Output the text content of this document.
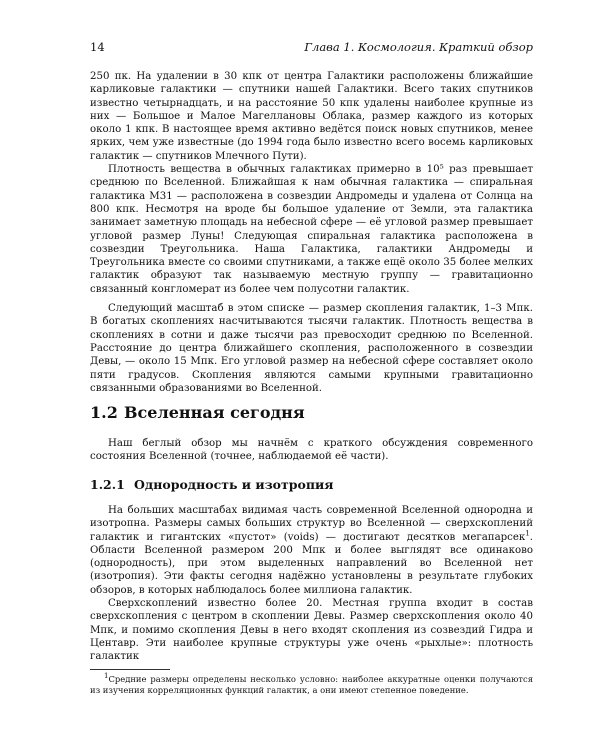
14	Глава 1. Космология. Краткий обзор

250 пк. На удалении в 30 кпк от центра Галактики расположены ближайшие карликовые галактики — спутники нашей Галактики. Всего таких спутников известно четырнадцать, и на расстояние 50 кпк удалены наиболее крупные из них — Большое и Малое Магеллановы Облака, размер каждого из которых около 1 кпк. В настоящее время активно ведётся поиск новых спутников, менее ярких, чем уже известные (до 1994 года было известно всего восемь карликовых галактик — спутников Млечного Пути).

Плотность вещества в обычных галактиках примерно в 10⁵ раз превышает среднюю по Вселенной. Ближайшая к нам обычная галактика — спиральная галактика М31 — расположена в созвездии Андромеды и удалена от Солнца на 800 кпк. Несмотря на вроде бы большое удаление от Земли, эта галактика занимает заметную площадь на небесной сфере — её угловой размер превышает угловой размер Луны! Следующая спиральная галактика расположена в созвездии Треугольника. Наша Галактика, галактики Андромеды и Треугольника вместе со своими спутниками, а также ещё около 35 более мелких галактик образуют так называемую местную группу — гравитационно связанный конгломерат из более чем полусотни галактик.

Следующий масштаб в этом списке — размер скопления галактик, 1–3 Мпк. В богатых скоплениях насчитываются тысячи галактик. Плотность вещества в скоплениях в сотни и даже тысячи раз превосходит среднюю по Вселенной. Расстояние до центра ближайшего скопления, расположенного в созвездии Девы, — около 15 Мпк. Его угловой размер на небесной сфере составляет около пяти градусов. Скопления являются самыми крупными гравитационно связанными образованиями во Вселенной.

1.2 Вселенная сегодня

Наш беглый обзор мы начнём с краткого обсуждения современного состояния Вселенной (точнее, наблюдаемой её части).

1.2.1 Однородность и изотропия

На больших масштабах видимая часть современной Вселенной однородна и изотропна. Размеры самых больших структур во Вселенной — сверхскоплений галактик и гигантских «пустот» (voids) — достигают десятков мегапарсек$^1$. Области Вселенной размером 200 Мпк и более выглядят все одинаково (однородность), при этом выделенных направлений во Вселенной нет (изотропия). Эти факты сегодня надёжно установлены в результате глубоких обзоров, в которых наблюдалось более миллиона галактик.

Сверхскоплений известно более 20. Местная группа входит в состав сверхскопления с центром в скоплении Девы. Размер сверхскопления около 40 Мпк, и помимо скопления Девы в него входят скопления из созвездий Гидра и Центавр. Эти наиболее крупные структуры уже очень «рыхлые»: плотность галактик

$^1$Средние размеры определены несколько условно: наиболее аккуратные оценки получаются из изучения корреляционных функций галактик, а они имеют степенное поведение.
